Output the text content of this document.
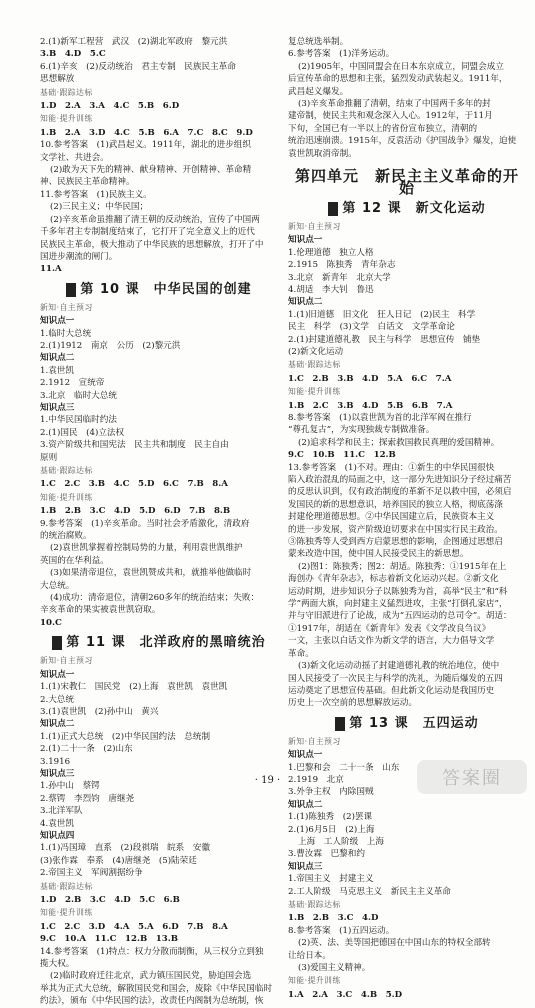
2.(1)新军工程营　武汉　(2)湖北军政府　黎元洪
3.B　4.D　5.C
6.(1)辛亥　(2)反动统治　君主专制　民族民主革命
思想解放
基础·跟踪达标
1.D　2.A　3.A　4.C　5.B　6.D
知能·提升训练
1.B　2.A　3.D　4.C　5.B　6.A　7.C　8.C　9.D
10.参考答案　(1)武昌起义。1911年，湖北的进步组织
文学社、共进会。
(2)敢为天下先的精神、献身精神、开创精神、革命精
神、民族民主革命精神。
11.参考答案　(1)民族主义。
(2)三民主义；中华民国；
(2)辛亥革命虽推翻了清王朝的反动统治，宣传了中国两
千多年君主专制制度结束了，它打开了完全意义上的近代
民族民主革命，极大推动了中华民族的思想解放，打开了中
国进步潮流的闸门。
11.A
第 10 课　中华民国的创建
新知·自主预习
知识点一
1.临时大总统
2.(1)1912　南京　公历　(2)黎元洪
知识点二
1.袁世凯
2.1912　宣统帝
3.北京　临时大总统
知识点三
1.中华民国临时约法
2.(1)国民　(4)立法权
3.资产阶级共和国宪法　民主共和制度　民主自由
原则
基础·跟踪达标
1.C　2.C　3.B　4.C　5.D　6.C　7.B　8.A
知能·提升训练
1.B　2.B　3.C　4.D　5.D　6.D　7.B　8.B
9.参考答案　(1)辛亥革命。当时社会矛盾激化，清政府
的统治腐败。
(2)袁世凯掌握着控制局势的力量，利用袁世凯维护
英国的在华利益。
(3)如果清帝退位，袁世凯赞成共和，就推举他做临时
大总统。
(4)成功：清帝退位，清朝260多年的统治结束；失败：
辛亥革命的果实被袁世凯窃取。
10.C
第 11 课　北洋政府的黑暗统治
新知·自主预习
知识点一
1.(1)宋教仁　国民党　(2)上海　袁世凯　袁世凯
2.大总统
3.(1)袁世凯　(2)孙中山　黄兴
知识点二
1.(1)正式大总统　(2)中华民国约法　总统制
2.(1)二十一条　(2)山东
3.1916
知识点三
1.孙中山　蔡锷
2.蔡锷　李烈钧　唐继尧
3.北洋军队
4.袁世凯
知识点四
1.(1)冯国璋　直系　(2)段祺瑞　皖系　安徽
(3)张作霖　奉系　(4)唐继尧　(5)陆荣廷
2.帝国主义　军阀割据纷争
基础·跟踪达标
1.D　2.B　3.C　4.D　5.C　6.B
知能·提升训练
1.C　2.C　3.D　4.A　5.A　6.D　7.B　8.A
9.C　10.A　11.C　12.B　13.B
14.参考答案　(1)特点：权力分散而制衡，从三权分立到独
揽大权。
(2)临时政府迁往北京，武力镇压国民党，胁迫国会选
举其为正式大总统，解散国民党和国会，废除《中华民国临时
约法》，颁布《中华民国约法》，改责任内阁制为总统制，恢
复总统选举制。
6.参考答案　(1)洋务运动。
(2)1905年，中国同盟会在日本东京成立，同盟会成立
后宣传革命的思想和主张，猛烈发动武装起义。1911年，
武昌起义爆发。
(3)辛亥革命推翻了清朝，结束了中国两千多年的封
建帝制，使民主共和观念深入人心。1912年，于11月
下旬，全国已有一半以上的省份宣布独立，清朝的
统治迅速崩溃。1915年，反袁活动《护国战争》爆发，迫使
袁世凯取消帝制。
第四单元　新民主主义革命的开始
第 12 课　新文化运动
新知·自主预习
知识点一
1.伦理道德　独立人格
2.1915　陈独秀　青年杂志
3.北京　新青年　北京大学
4.胡适　李大钊　鲁迅
知识点二
1.(1)旧道德　旧文化　狂人日记　(2)民主　科学
民主　科学　(3)文学　白话文　文学革命论
2.(1)封建道德礼教　民主与科学　思想宣传　铺垫
(2)新文化运动
基础·跟踪达标
1.C　2.B　3.B　4.D　5.A　6.C　7.A
知能·提升训练
1.B　2.C　3.B　4.D　5.B　6.B　7.A
8.参考答案　(1)以袁世凯为首的北洋军阀在推行
“尊孔复古”，为实现独裁专制做准备。
(2)追求科学和民主；探索救国救民真理的爱国精神。
9.C　10.B　11.C　12.B
13.参考答案　(1)不对。理由：①新生的中华民国很快
陷入政治混乱的局面之中，这一部分先进知识分子经过痛苦
的反思认识到，仅有政治制度的革新不足以救中国，必须启
发国民的新的思想意识，培养国民的独立人格，彻底荡涤
封建伦理道德思想。②中华民国建立后，民族资本主义
的进一步发展，资产阶级迫切要求在中国实行民主政治。
③陈独秀等人受到西方启蒙思想的影响，企图通过思想启
蒙来改造中国，使中国人民接受民主的新思想。
(2)图1：陈独秀；图2：胡适。陈独秀：①1915年在上
海创办《青年杂志》，标志着新文化运动兴起。②新文化
运动时期，进步知识分子以陈独秀为首，高举“民主”和“科
学”两面大旗，向封建主义猛烈进攻，主张“打倒孔家店”，
并与守旧派进行了论战，成为“五四运动的总司令”。胡适：
①1917年，胡适在《新青年》发表《文学改良刍议》
一文，主张以白话文作为新文学的语言，大力倡导文学
革命。
(3)新文化运动动摇了封建道德礼教的统治地位，使中
国人民接受了一次民主与科学的洗礼，为随后爆发的五四
运动奠定了思想宣传基础。但此新文化运动是我国历史
历史上一次空前的思想解放运动。
第 13 课　五四运动
新知·自主预习
知识点一
1.巴黎和会　二十一条　山东
2.1919　北京
3.外争主权　内除国贼
知识点二
1.(1)陈独秀　(2)罢课
2.(1)6月5日　(2)上海
上海　工人阶级　上海
3.曹汝霖　巴黎和约
知识点三
1.帝国主义　封建主义
2.工人阶级　马克思主义　新民主主义革命
基础·跟踪达标
1.B　2.B　3.C　4.D
8.参考答案　(1)五四运动。
(2)英、法、美等国把德国在中国山东的特权全部转
让给日本。
(3)爱国主义精神。
知能·提升训练
1.A　2.A　3.C　4.B　5.D
· 19 ·	答案圈
